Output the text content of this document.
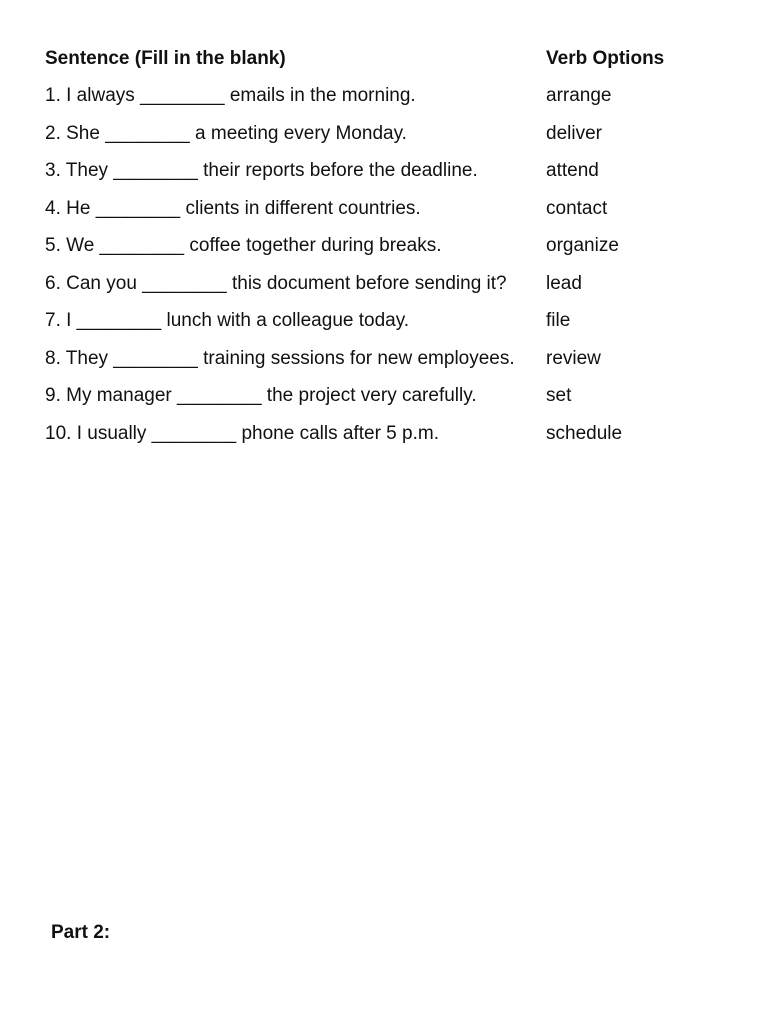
Sentence (Fill in the blank)	Verb Options
1. I always ________ emails in the morning.	arrange
2. She ________ a meeting every Monday.	deliver
3. They ________ their reports before the deadline.	attend
4. He ________ clients in different countries.	contact
5. We ________ coffee together during breaks.	organize
6. Can you ________ this document before sending it?	lead
7. I ________ lunch with a colleague today.	file
8. They ________ training sessions for new employees.	review
9. My manager ________ the project very carefully.	set
10. I usually ________ phone calls after 5 p.m.	schedule
Part 2:
